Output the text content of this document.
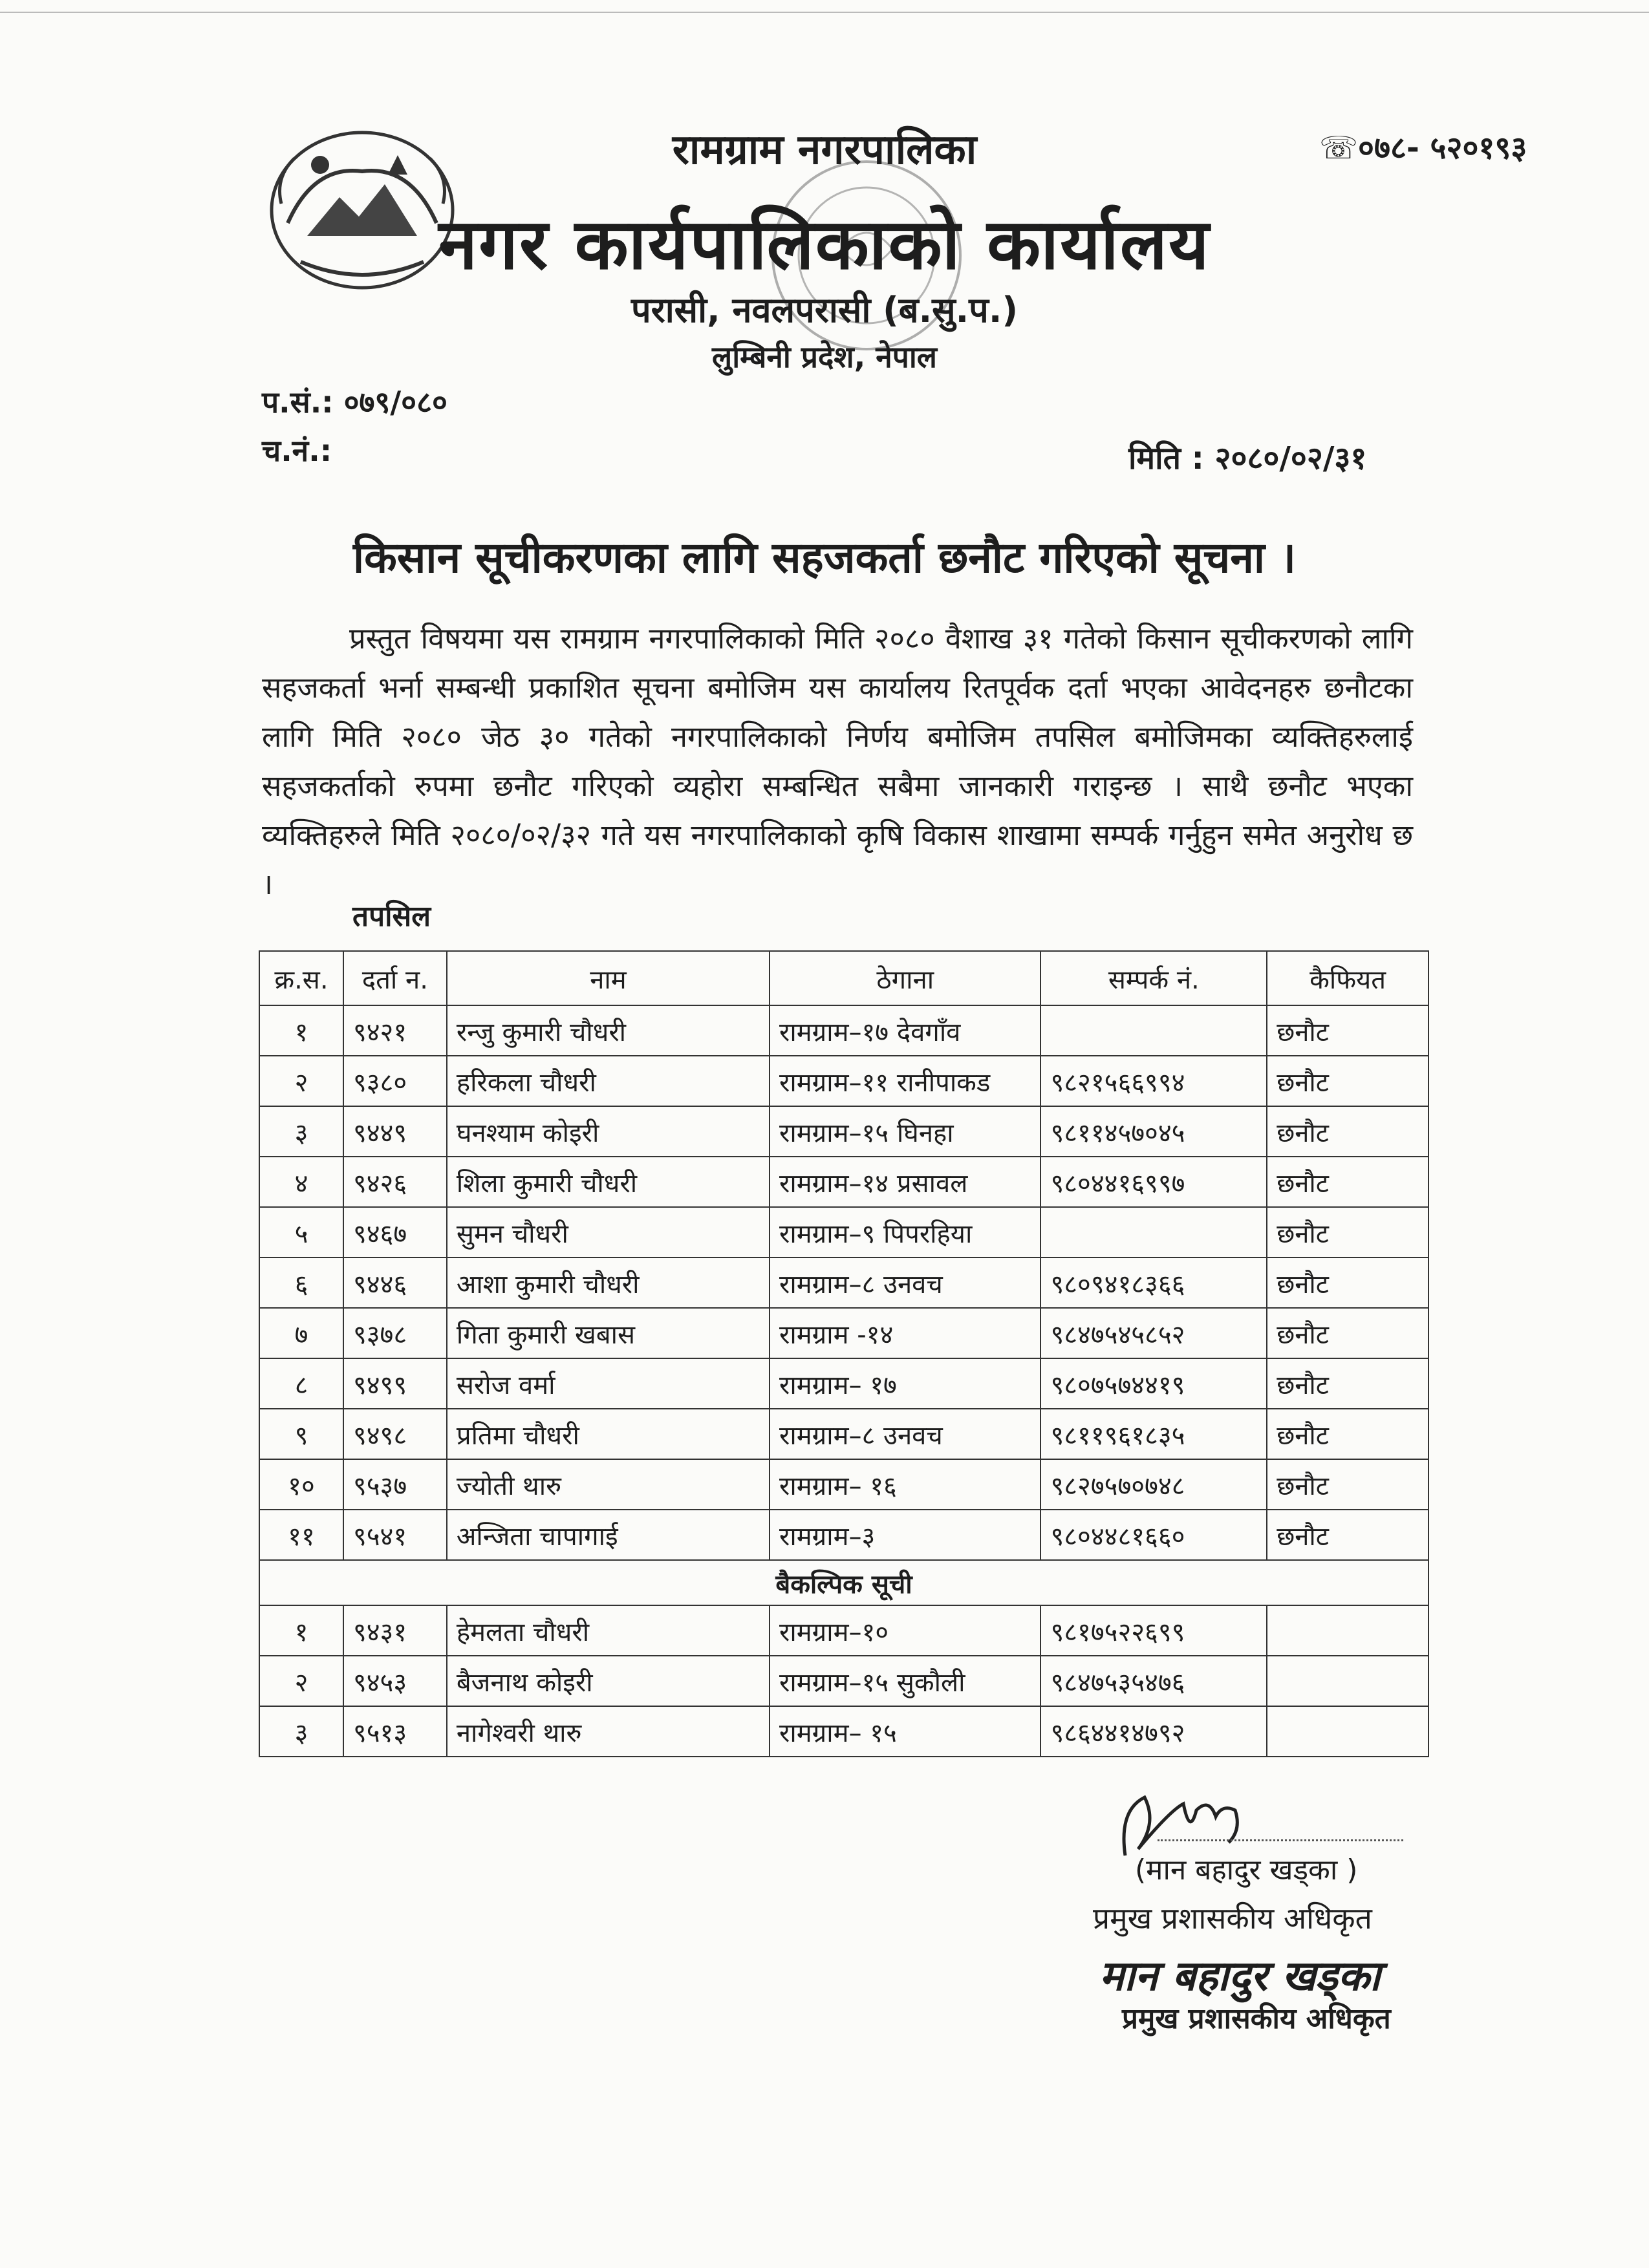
रामग्राम नगरपालिका
नगर कार्यपालिकाको कार्यालय
परासी, नवलपरासी (ब.सु.प.)
लुम्बिनी प्रदेश, नेपाल
☏०७८- ५२०१९३
प.सं.: ०७९/०८०
च.नं.:	मिति : २०८०/०२/३१
किसान सूचीकरणका लागि सहजकर्ता छनौट गरिएको सूचना ।
प्रस्तुत विषयमा यस रामग्राम नगरपालिकाको मिति २०८० वैशाख ३१ गतेको किसान सूचीकरणको लागि सहजकर्ता भर्ना सम्बन्धी प्रकाशित सूचना बमोजिम यस कार्यालय रितपूर्वक दर्ता भएका आवेदनहरु छनौटका लागि मिति २०८० जेठ ३० गतेको नगरपालिकाको निर्णय बमोजिम तपसिल बमोजिमका व्यक्तिहरुलाई सहजकर्ताको रुपमा छनौट गरिएको व्यहोरा सम्बन्धित सबैमा जानकारी गराइन्छ । साथै छनौट भएका व्यक्तिहरुले मिति २०८०/०२/३२ गते यस नगरपालिकाको कृषि विकास शाखामा सम्पर्क गर्नुहुन समेत अनुरोध छ ।
तपसिल
क्र.स.	दर्ता न.	नाम	ठेगाना	सम्पर्क नं.	कैफियत
१	९४२१	रन्जु कुमारी चौधरी	रामग्राम–१७ देवगाँव		छनौट
२	९३८०	हरिकला चौधरी	रामग्राम–११ रानीपाकड	९८२१५६६९९४	छनौट
३	९४४९	घनश्याम कोइरी	रामग्राम–१५ घिनहा	९८११४५७०४५	छनौट
४	९४२६	शिला कुमारी चौधरी	रामग्राम–१४ प्रसावल	९८०४४१६९९७	छनौट
५	९४६७	सुमन चौधरी	रामग्राम–९ पिपरहिया		छनौट
६	९४४६	आशा कुमारी चौधरी	रामग्राम–८ उनवच	९८०९४१८३६६	छनौट
७	९३७८	गिता कुमारी खबास	रामग्राम -१४	९८४७५४५८५२	छनौट
८	९४९९	सरोज वर्मा	रामग्राम– १७	९८०७५७४४१९	छनौट
९	९४९८	प्रतिमा चौधरी	रामग्राम–८ उनवच	९८११९६१८३५	छनौट
१०	९५३७	ज्योती थारु	रामग्राम– १६	९८२७५७०७४८	छनौट
११	९५४१	अन्जिता चापागाई	रामग्राम–३	९८०४४८१६६०	छनौट
बैकल्पिक सूची					
१	९४३१	हेमलता चौधरी	रामग्राम–१०	९८१७५२२६९९	
२	९४५३	बैजनाथ कोइरी	रामग्राम–१५ सुकौली	९८४७५३५४७६	
३	९५१३	नागेश्वरी थारु	रामग्राम– १५	९८६४४१४७९२	
(मान बहादुर खड्का )
प्रमुख प्रशासकीय अधिकृत
मान बहादुर खड्का
प्रमुख प्रशासकीय अधिकृत
